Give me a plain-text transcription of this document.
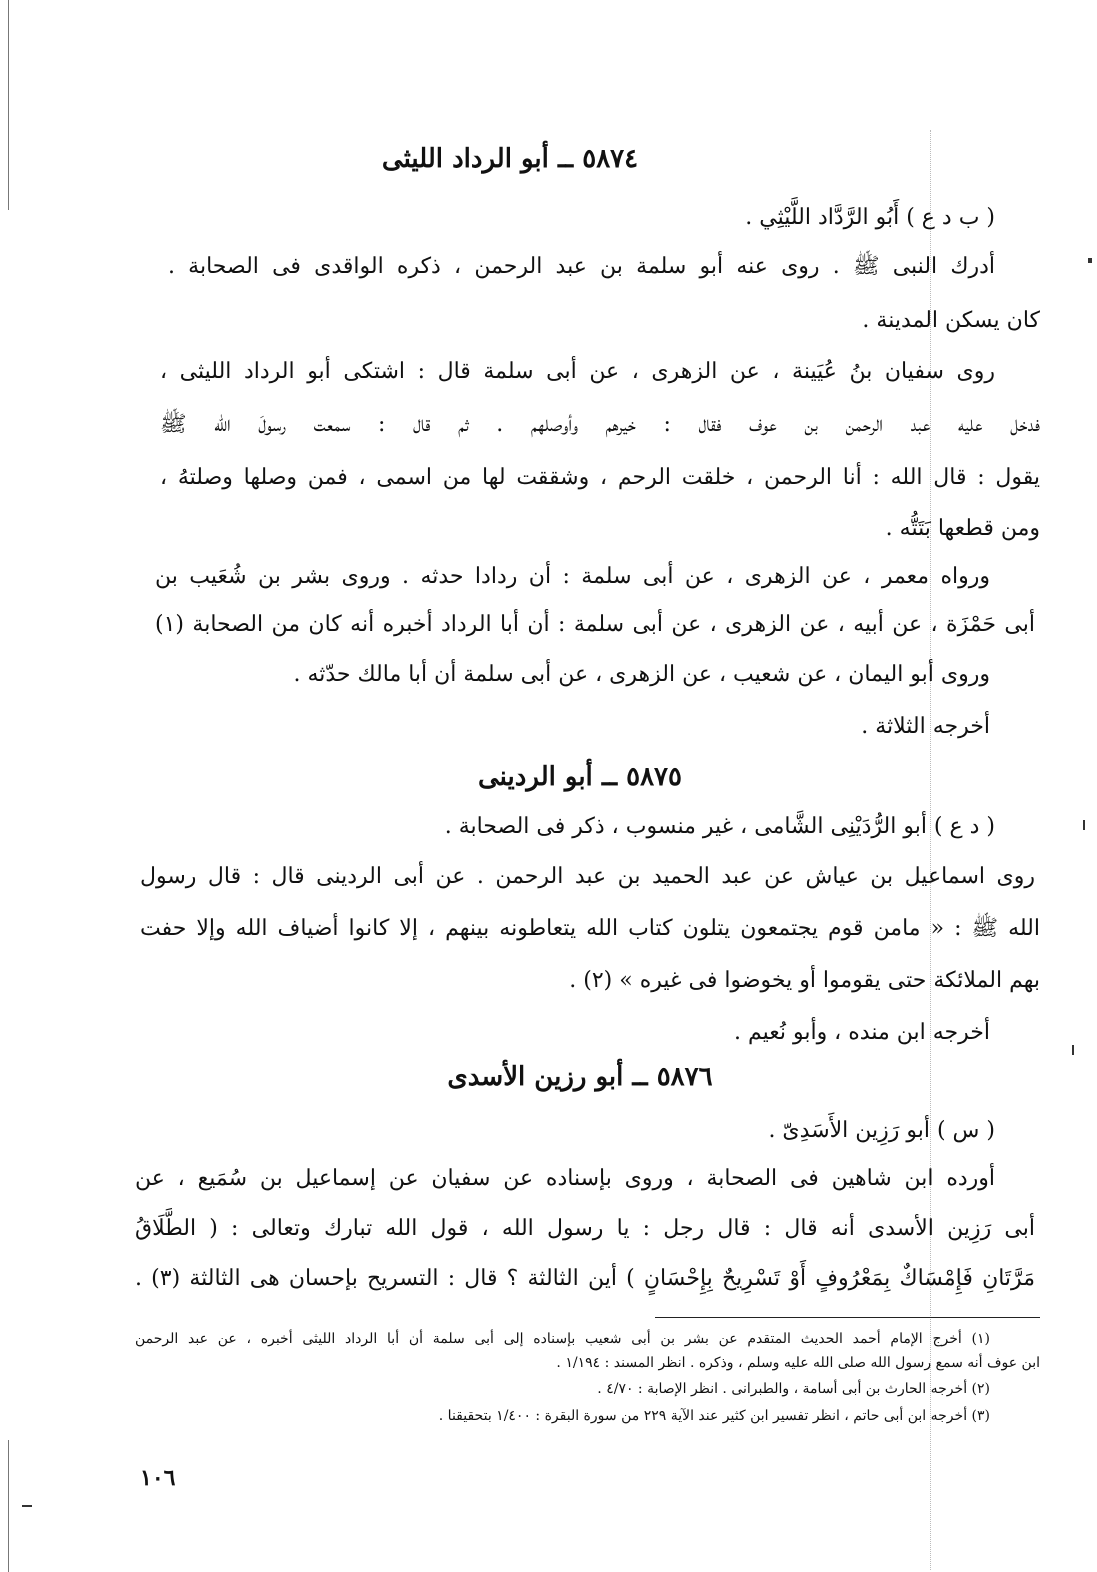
٥٨٧٤ ــ أبو الرداد الليثى
( ب د ع ) أَبُو الرَّدَّاد اللَّيْثِي .
أدرك النبى ﷺ . روى عنه أبو سلمة بن عبد الرحمن ، ذكره الواقدى فى الصحابة .
كان يسكن المدينة .
روى سفيان بنُ عُيَينة ، عن الزهرى ، عن أبى سلمة قال : اشتكى أبو الرداد الليثى ،
فدخل عليه عبد الرحمن بن عوف فقال : خيرهم وأوصلهم . ثم قال : سمعت رسولَ الله ﷺ
يقول : قال الله : أنا الرحمن ، خلقت الرحم ، وشققت لها من اسمى ، فمن وصلها وصلتهُ ،
ومن قطعها بَتَتُّه .
ورواه معمر ، عن الزهرى ، عن أبى سلمة : أن ردادا حدثه . وروى بشر بن شُعَيب بن
أبى حَمْزَة ، عن أبيه ، عن الزهرى ، عن أبى سلمة : أن أبا الرداد أخبره أنه كان من الصحابة (١)
وروى أبو اليمان ، عن شعيب ، عن الزهرى ، عن أبى سلمة أن أبا مالك حدّثه .
أخرجه الثلاثة .
٥٨٧٥ ــ أبو الردينى
( د ع ) أبو الرُّدَيْنِى الشَّامى ، غير منسوب ، ذكر فى الصحابة .
روى اسماعيل بن عياش عن عبد الحميد بن عبد الرحمن . عن أبى الردينى قال : قال رسول
الله ﷺ : « مامن قوم يجتمعون يتلون كتاب الله يتعاطونه بينهم ، إلا كانوا أضياف الله وإلا حفت
بهم الملائكة حتى يقوموا أو يخوضوا فى غيره » (٢) .
أخرجه ابن منده ، وأبو نُعيم .
٥٨٧٦ ــ أبو رزين الأسدى
( س ) أبو رَزِين الأَسَدِىّ .
أورده ابن شاهين فى الصحابة ، وروى بإسناده عن سفيان عن إسماعيل بن سُمَيع ، عن
أبى رَزِين الأسدى أنه قال : قال رجل : يا رسول الله ، قول الله تبارك وتعالى : ( الطَّلَاقُ
مَرَّتَانِ فَإِمْسَاكٌ بِمَعْرُوفٍ أَوْ تَسْرِيحٌ بِإِحْسَانٍ ) أين الثالثة ؟ قال : التسريح بإحسان هى الثالثة (٣) .
(١) أخرج الإمام أحمد الحديث المتقدم عن بشر بن أبى شعيب بإسناده إلى أبى سلمة أن أبا الرداد الليثى أخبره ، عن عبد الرحمن
ابن عوف أنه سمع رسول الله صلى الله عليه وسلم ، وذكره . انظر المسند : ١/١٩٤ .
(٢) أخرجه الحارث بن أبى أسامة ، والطبرانى . انظر الإصابة : ٤/٧٠ .
(٣) أخرجه ابن أبى حاتم ، انظر تفسير ابن كثير عند الآية ٢٢٩ من سورة البقرة : ١/٤٠٠ بتحقيقنا .
١٠٦
